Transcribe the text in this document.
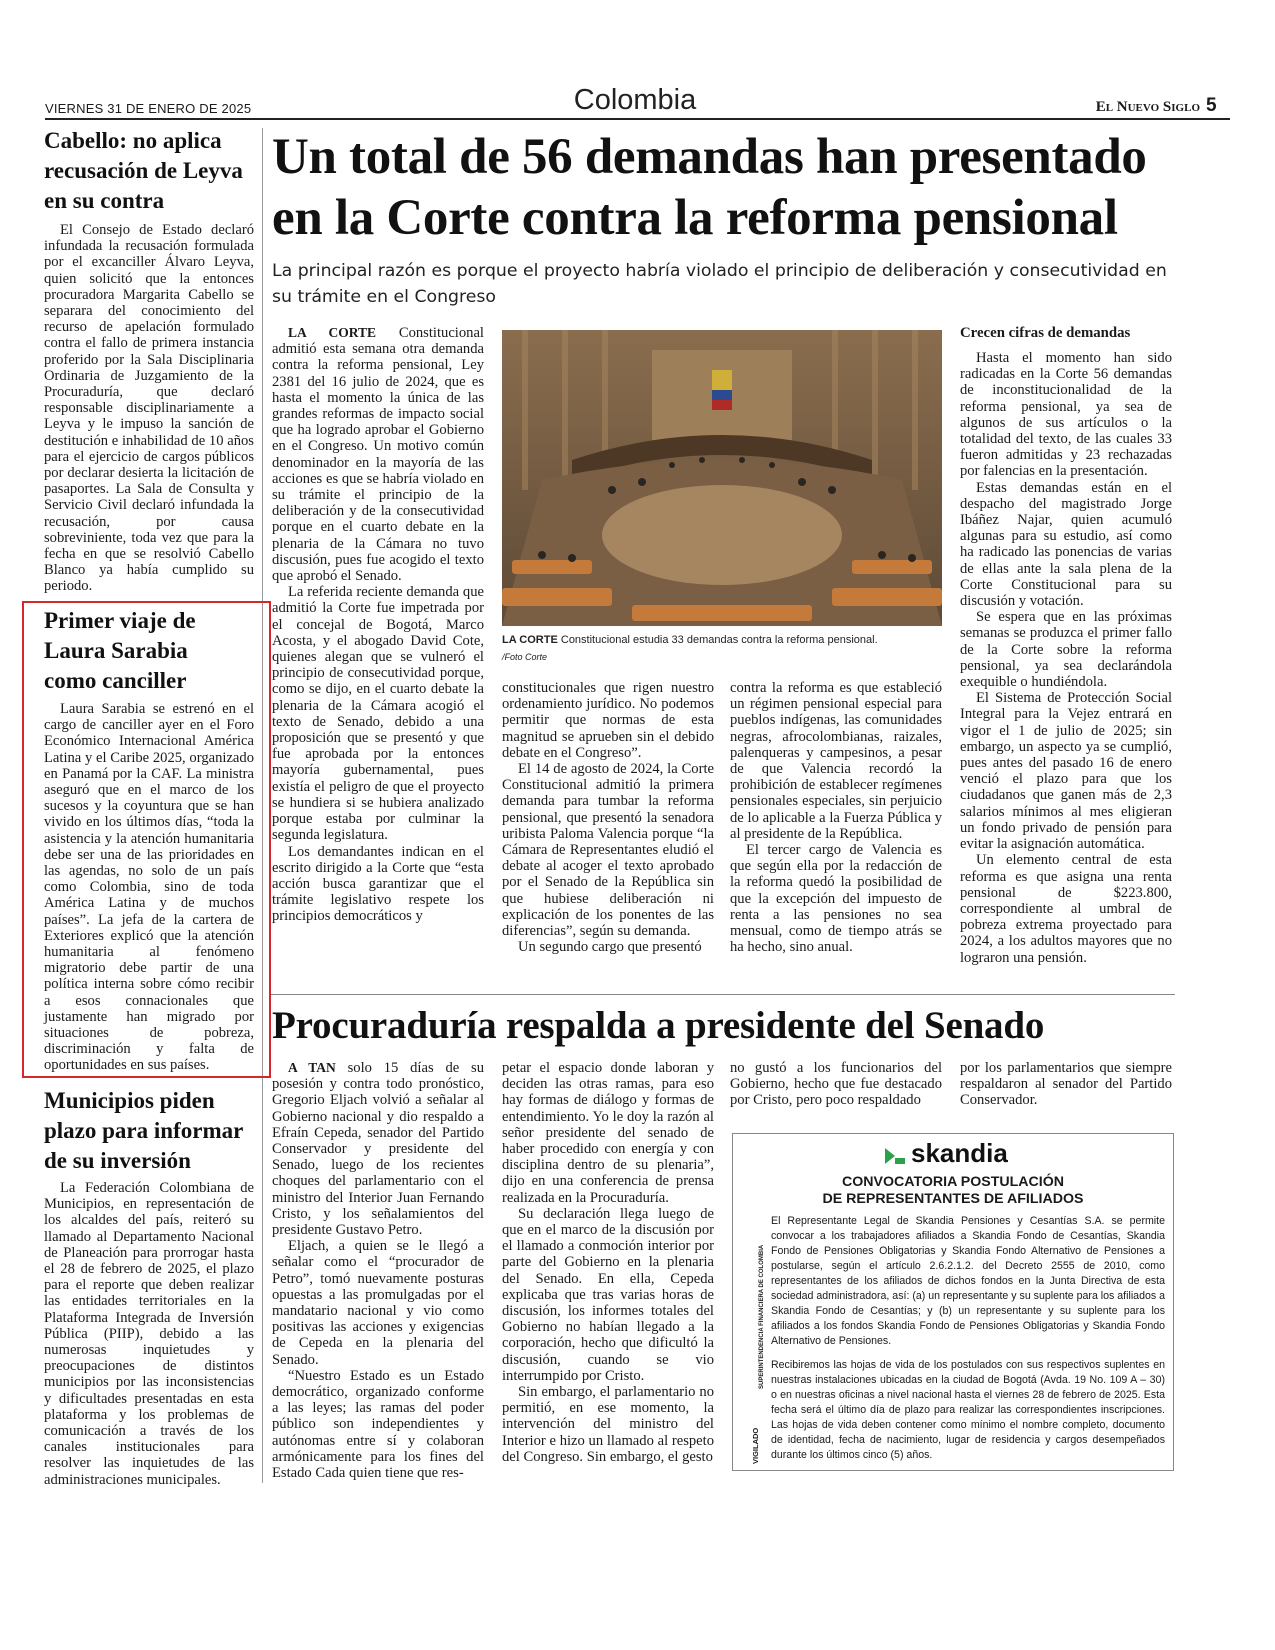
VIERNES 31 DE ENERO DE 2025	Colombia	El Nuevo Siglo 5
Cabello: no aplica recusación de Leyva en su contra

El Consejo de Estado declaró infundada la recusación formulada por el excanciller Álvaro Leyva, quien solicitó que la entonces procuradora Margarita Cabello se separara del conocimiento del recurso de apelación formulado contra el fallo de primera instancia proferido por la Sala Disciplinaria Ordinaria de Juzgamiento de la Procuraduría, que declaró responsable disciplinariamente a Leyva y le impuso la sanción de destitución e inhabilidad de 10 años para el ejercicio de cargos públicos por declarar desierta la licitación de pasaportes. La Sala de Consulta y Servicio Civil declaró infundada la recusación, por causa sobreviniente, toda vez que para la fecha en que se resolvió Cabello Blanco ya había cumplido su periodo.

Primer viaje de Laura Sarabia como canciller

Laura Sarabia se estrenó en el cargo de canciller ayer en el Foro Económico Internacional América Latina y el Caribe 2025, organizado en Panamá por la CAF. La ministra aseguró que en el marco de los sucesos y la coyuntura que se han vivido en los últimos días, “toda la asistencia y la atención humanitaria debe ser una de las prioridades en las agendas, no solo de un país como Colombia, sino de toda América Latina y de muchos países”. La jefa de la cartera de Exteriores explicó que la atención humanitaria al fenómeno migratorio debe partir de una política interna sobre cómo recibir a esos connacionales que justamente han migrado por situaciones de pobreza, discriminación y falta de oportunidades en sus países.

Municipios piden plazo para informar de su inversión

La Federación Colombiana de Municipios, en representación de los alcaldes del país, reiteró su llamado al Departamento Nacional de Planeación para prorrogar hasta el 28 de febrero de 2025, el plazo para el reporte que deben realizar las entidades territoriales en la Plataforma Integrada de Inversión Pública (PIIP), debido a las numerosas inquietudes y preocupaciones de distintos municipios por las inconsistencias y dificultades presentadas en esta plataforma y los problemas de comunicación a través de los canales institucionales para resolver las inquietudes de las administraciones municipales.

Un total de 56 demandas han presentado en la Corte contra la reforma pensional
La principal razón es porque el proyecto habría violado el principio de deliberación y consecutividad en su trámite en el Congreso

LA CORTE Constitucional admitió esta semana otra demanda contra la reforma pensional, Ley 2381 del 16 julio de 2024, que es hasta el momento la única de las grandes reformas de impacto social que ha logrado aprobar el Gobierno en el Congreso. Un motivo común denominador en la mayoría de las acciones es que se habría violado en su trámite el principio de la deliberación y de la consecutividad porque en el cuarto debate en la plenaria de la Cámara no tuvo discusión, pues fue acogido el texto que aprobó el Senado.

La referida reciente demanda que admitió la Corte fue impetrada por el concejal de Bogotá, Marco Acosta, y el abogado David Cote, quienes alegan que se vulneró el principio de consecutividad porque, como se dijo, en el cuarto debate la plenaria de la Cámara acogió el texto de Senado, debido a una proposición que se presentó y que fue aprobada por la entonces mayoría gubernamental, pues existía el peligro de que el proyecto se hundiera si se hubiera analizado porque estaba por culminar la segunda legislatura.

Los demandantes indican en el escrito dirigido a la Corte que “esta acción busca garantizar que el trámite legislativo respete los principios democráticos y

LA CORTE Constitucional estudia 33 demandas contra la reforma pensional.
/Foto Corte

constitucionales que rigen nuestro ordenamiento jurídico. No podemos permitir que normas de esta magnitud se aprueben sin el debido debate en el Congreso”.

El 14 de agosto de 2024, la Corte Constitucional admitió la primera demanda para tumbar la reforma pensional, que presentó la senadora uribista Paloma Valencia porque “la Cámara de Representantes eludió el debate al acoger el texto aprobado por el Senado de la República sin que hubiese deliberación ni explicación de los ponentes de las diferencias”, según su demanda.

Un segundo cargo que presentó

contra la reforma es que estableció un régimen pensional especial para pueblos indígenas, las comunidades negras, afrocolombianas, raizales, palenqueras y campesinos, a pesar de que Valencia recordó la prohibición de establecer regímenes pensionales especiales, sin perjuicio de lo aplicable a la Fuerza Pública y al presidente de la República.

El tercer cargo de Valencia es que según ella por la redacción de la reforma quedó la posibilidad de que la excepción del impuesto de renta a las pensiones no sea mensual, como de tiempo atrás se ha hecho, sino anual.

Crecen cifras de demandas

Hasta el momento han sido radicadas en la Corte 56 demandas de inconstitucionalidad de la reforma pensional, ya sea de algunos de sus artículos o la totalidad del texto, de las cuales 33 fueron admitidas y 23 rechazadas por falencias en la presentación.

Estas demandas están en el despacho del magistrado Jorge Ibáñez Najar, quien acumuló algunas para su estudio, así como ha radicado las ponencias de varias de ellas ante la sala plena de la Corte Constitucional para su discusión y votación.

Se espera que en las próximas semanas se produzca el primer fallo de la Corte sobre la reforma pensional, ya sea declarándola exequible o hundiéndola.

El Sistema de Protección Social Integral para la Vejez entrará en vigor el 1 de julio de 2025; sin embargo, un aspecto ya se cumplió, pues antes del pasado 16 de enero venció el plazo para que los ciudadanos que ganen más de 2,3 salarios mínimos al mes eligieran un fondo privado de pensión para evitar la asignación automática.

Un elemento central de esta reforma es que asigna una renta pensional de $223.800, correspondiente al umbral de pobreza extrema proyectado para 2024, a los adultos mayores que no lograron una pensión.

Procuraduría respalda a presidente del Senado

A TAN solo 15 días de su posesión y contra todo pronóstico, Gregorio Eljach volvió a señalar al Gobierno nacional y dio respaldo a Efraín Cepeda, senador del Partido Conservador y presidente del Senado, luego de los recientes choques del parlamentario con el ministro del Interior Juan Fernando Cristo, y los señalamientos del presidente Gustavo Petro.

Eljach, a quien se le llegó a señalar como el “procurador de Petro”, tomó nuevamente posturas opuestas a las promulgadas por el mandatario nacional y vio como positivas las acciones y exigencias de Cepeda en la plenaria del Senado.

“Nuestro Estado es un Estado democrático, organizado conforme a las leyes; las ramas del poder público son independientes y autónomas entre sí y colaboran armónicamente para los fines del Estado Cada quien tiene que res-

petar el espacio donde laboran y deciden las otras ramas, para eso hay formas de diálogo y formas de entendimiento. Yo le doy la razón al señor presidente del senado de haber procedido con energía y con disciplina dentro de su plenaria”, dijo en una conferencia de prensa realizada en la Procuraduría.

Su declaración llega luego de que en el marco de la discusión por el llamado a conmoción interior por parte del Gobierno en la plenaria del Senado. En ella, Cepeda explicaba que tras varias horas de discusión, los informes totales del Gobierno no habían llegado a la corporación, hecho que dificultó la discusión, cuando se vio interrumpido por Cristo.

Sin embargo, el parlamentario no permitió, en ese momento, la intervención del ministro del Interior e hizo un llamado al respeto del Congreso. Sin embargo, el gesto

no gustó a los funcionarios del Gobierno, hecho que fue destacado por Cristo, pero poco respaldado

por los parlamentarios que siempre respaldaron al senador del Partido Conservador.

skandia
CONVOCATORIA POSTULACIÓN
DE REPRESENTANTES DE AFILIADOS

El Representante Legal de Skandia Pensiones y Cesantías S.A. se permite convocar a los trabajadores afiliados a Skandia Fondo de Cesantías, Skandia Fondo de Pensiones Obligatorias y Skandia Fondo Alternativo de Pensiones a postularse, según el artículo 2.6.2.1.2. del Decreto 2555 de 2010, como representantes de los afiliados de dichos fondos en la Junta Directiva de esta sociedad administradora, así: (a) un representante y su suplente para los afiliados a Skandia Fondo de Cesantías; y (b) un representante y su suplente para los afiliados a los fondos Skandia Fondo de Pensiones Obligatorias y Skandia Fondo Alternativo de Pensiones.

Recibiremos las hojas de vida de los postulados con sus respectivos suplentes en nuestras instalaciones ubicadas en la ciudad de Bogotá (Avda. 19 No. 109 A – 30) o en nuestras oficinas a nivel nacional hasta el viernes 28 de febrero de 2025. Esta fecha será el último día de plazo para realizar las correspondientes inscripciones. Las hojas de vida deben contener como mínimo el nombre completo, documento de identidad, fecha de nacimiento, lugar de residencia y cargos desempeñados durante los últimos cinco (5) años.

VIGILADO
SUPERINTENDENCIA FINANCIERA DE COLOMBIA
